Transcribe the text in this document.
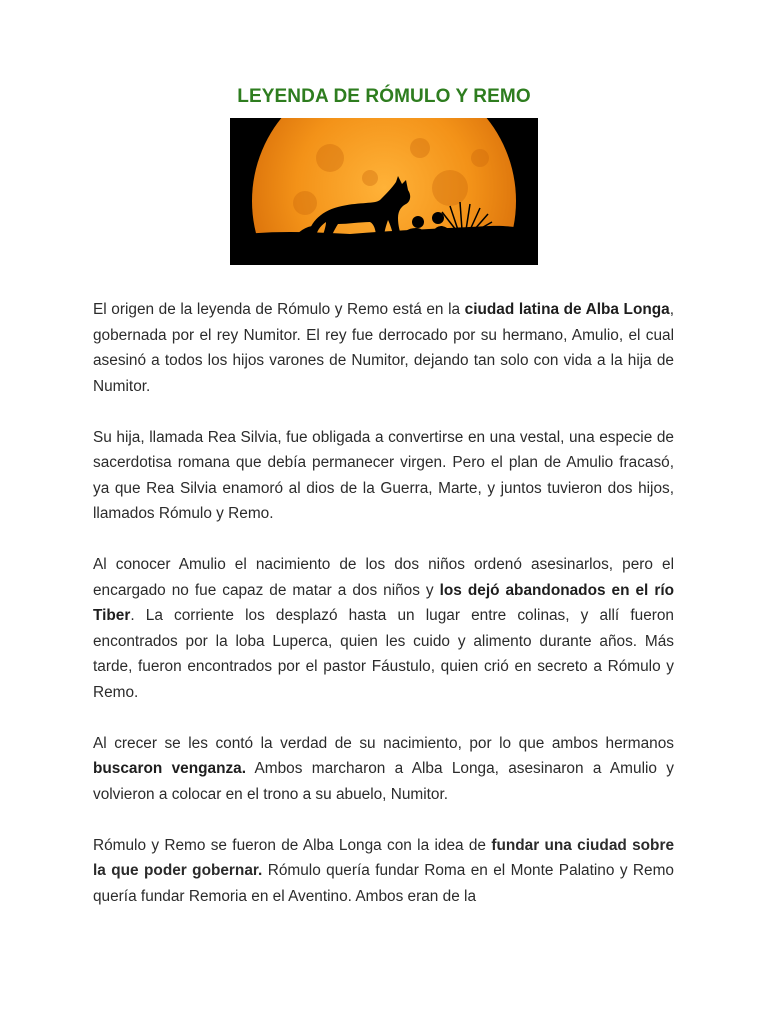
LEYENDA DE RÓMULO Y REMO

El origen de la leyenda de Rómulo y Remo está en la ciudad latina de Alba Longa, gobernada por el rey Numitor. El rey fue derrocado por su hermano, Amulio, el cual asesinó a todos los hijos varones de Numitor, dejando tan solo con vida a la hija de Numitor.

Su hija, llamada Rea Silvia, fue obligada a convertirse en una vestal, una especie de sacerdotisa romana que debía permanecer virgen. Pero el plan de Amulio fracasó, ya que Rea Silvia enamoró al dios de la Guerra, Marte, y juntos tuvieron dos hijos, llamados Rómulo y Remo.

Al conocer Amulio el nacimiento de los dos niños ordenó asesinarlos, pero el encargado no fue capaz de matar a dos niños y los dejó abandonados en el río Tiber. La corriente los desplazó hasta un lugar entre colinas, y allí fueron encontrados por la loba Luperca, quien les cuido y alimento durante años. Más tarde, fueron encontrados por el pastor Fáustulo, quien crió en secreto a Rómulo y Remo.

Al crecer se les contó la verdad de su nacimiento, por lo que ambos hermanos buscaron venganza. Ambos marcharon a Alba Longa, asesinaron a Amulio y volvieron a colocar en el trono a su abuelo, Numitor.

Rómulo y Remo se fueron de Alba Longa con la idea de fundar una ciudad sobre la que poder gobernar. Rómulo quería fundar Roma en el Monte Palatino y Remo quería fundar Remoria en el Aventino. Ambos eran de la
